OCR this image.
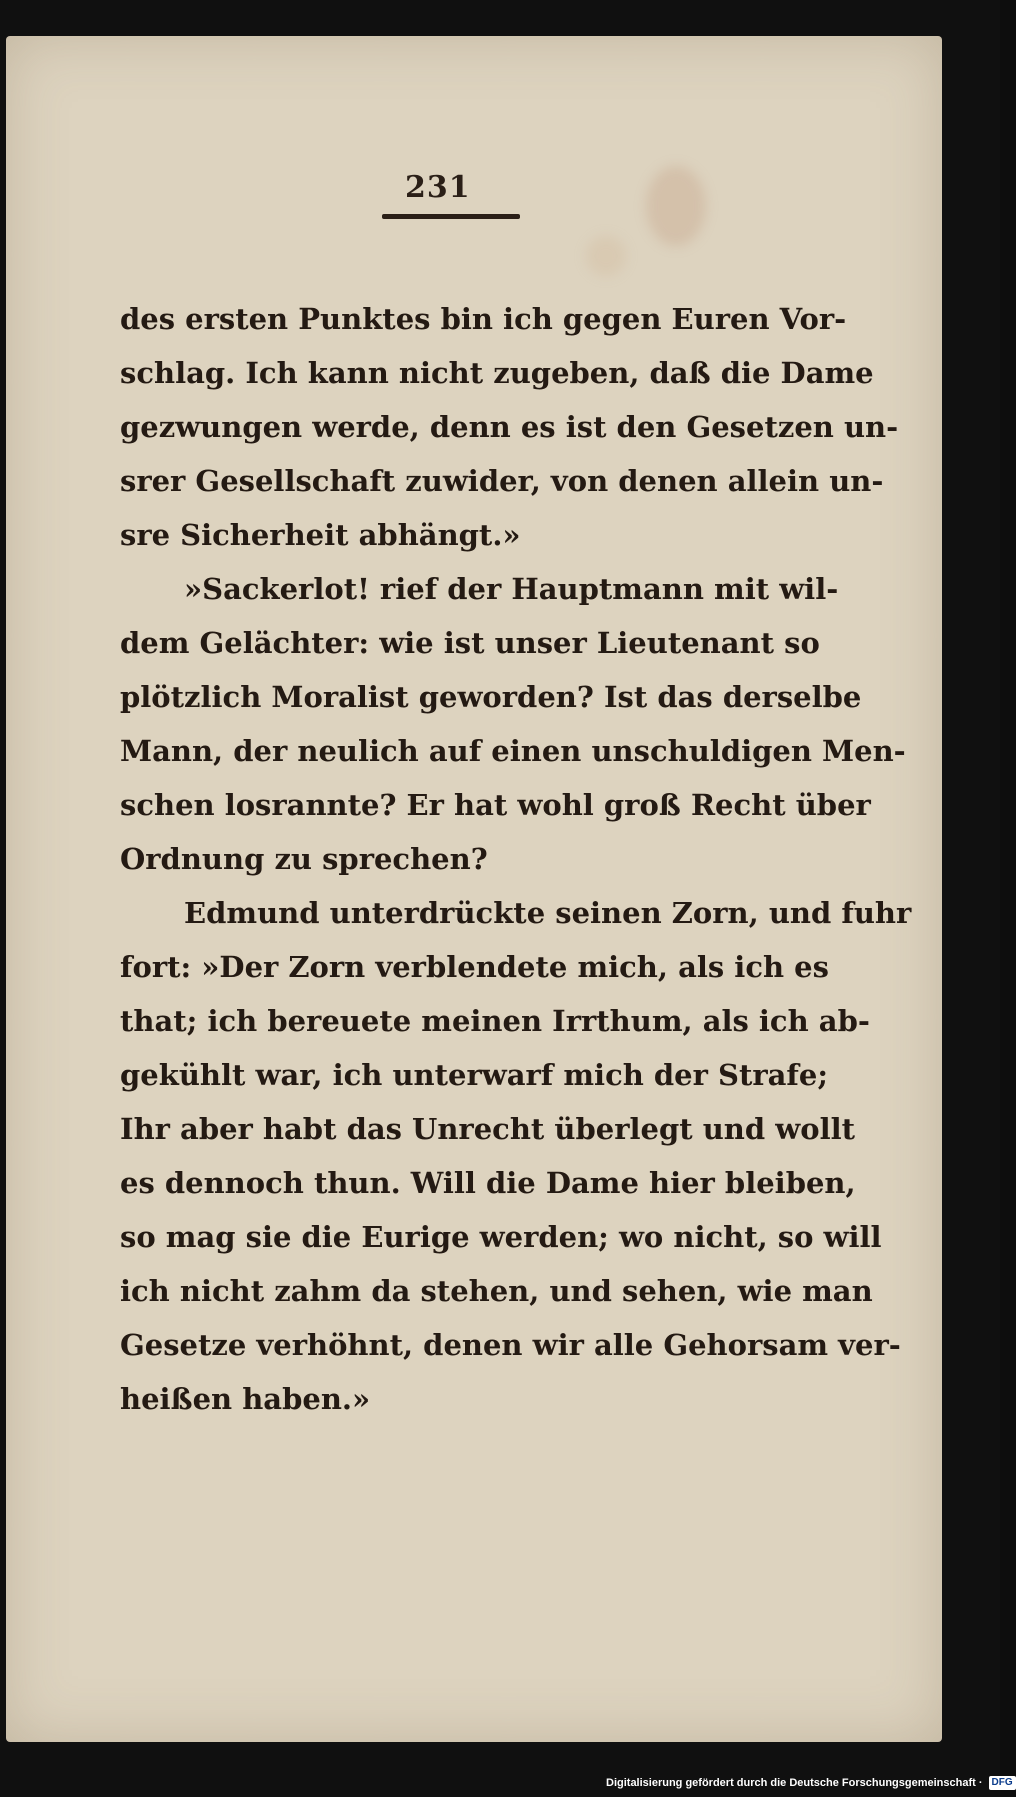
231
des ersten Punktes bin ich gegen Euren Vor-
schlag. Ich kann nicht zugeben, daß die Dame
gezwungen werde, denn es ist den Gesetzen un-
srer Gesellschaft zuwider, von denen allein un-
sre Sicherheit abhängt.»
»Sackerlot! rief der Hauptmann mit wil-
dem Gelächter: wie ist unser Lieutenant so
plötzlich Moralist geworden? Ist das derselbe
Mann, der neulich auf einen unschuldigen Men-
schen losrannte? Er hat wohl groß Recht über
Ordnung zu sprechen?
Edmund unterdrückte seinen Zorn, und fuhr
fort: »Der Zorn verblendete mich, als ich es
that; ich bereuete meinen Irrthum, als ich ab-
gekühlt war, ich unterwarf mich der Strafe;
Ihr aber habt das Unrecht überlegt und wollt
es dennoch thun. Will die Dame hier bleiben,
so mag sie die Eurige werden; wo nicht, so will
ich nicht zahm da stehen, und sehen, wie man
Gesetze verhöhnt, denen wir alle Gehorsam ver-
heißen haben.»
Digitalisierung gefördert durch die Deutsche Forschungsgemeinschaft · DFG
